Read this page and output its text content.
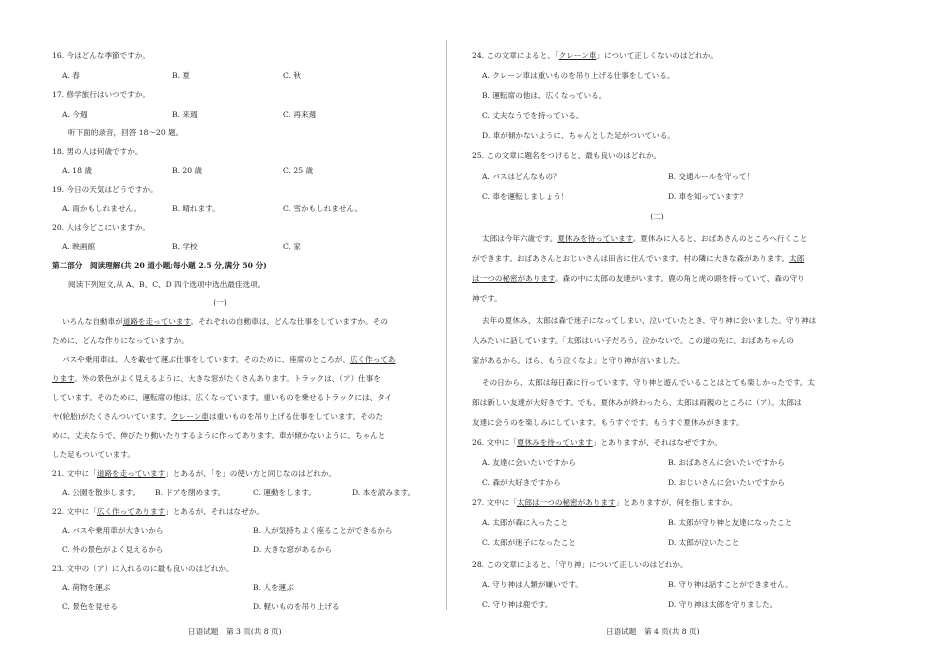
16. 今はどんな季節ですか。
A. 春	B. 夏	C. 秋
17. 修学旅行はいつですか。
A. 今週	B. 来週	C. 再来週
听下面的录音，回答 18～20 题。
18. 男の人は何歳ですか。
A. 18 歳	B. 20 歳	C. 25 歳
19. 今日の天気はどうですか。
A. 雨かもしれません。	B. 晴れます。	C. 雪かもしれません。
20. 人は今どこにいますか。
A. 映画館	B. 学校	C. 家
第二部分　阅读理解(共 20 道小题;每小题 2.5 分,满分 50 分)
阅读下列短文,从 A、B、C、D 四个选项中选出最佳选项。
(一)
いろんな自動車が道路を走っています。それぞれの自動車は、どんな仕事をしていますか。その
ために、どんな作りになっていますか。
バスや乗用車は、人を載せて運ぶ仕事をしています。そのために、座席のところが、広く作ってあ
ります。外の景色がよく見えるように、大きな窓がたくさんあります。トラックは、（ア）仕事を
しています。そのために、運転席の他は、広くなっています。重いものを乗せるトラックには、タイ
ヤ(轮胎)がたくさんついています。クレーン車は重いものを吊り上げる仕事をしています。そのた
めに、丈夫なうで、伸びたり動いたりするように作ってあります。車が傾かないように、ちゃんと
した足もついています。
21. 文中に「道路を走っています」とあるが、「を」の使い方と同じなのはどれか。
A. 公園を散歩します。 B. ドアを閉めます。	C. 運動をします。	D. 本を読みます。
22. 文中に「広く作ってあります」とあるが、それはなぜか。
A. バスや乗用車が大きいから	B. 人が気持ちよく座ることができるから
C. 外の景色がよく見えるから	D. 大きな窓があるから
23. 文中の（ア）に入れるのに最も良いのはどれか。
A. 荷物を運ぶ	B. 人を運ぶ
C. 景色を見せる	D. 軽いものを吊り上げる
日语试题　第 3 页(共 8 页)
24. この文章によると、「クレーン車」について正しくないのはどれか。
A. クレーン車は重いものを吊り上げる仕事をしている。
B. 運転席の他は、広くなっている。
C. 丈夫なうでを持っている。
D. 車が傾かないように、ちゃんとした足がついている。
25. この文章に題名をつけると、最も良いのはどれか。
A. バスはどんなもの？	B. 交通ルールを守って！
C. 車を運転しましょう！	D. 車を知っています？
(二)
太郎は今年六歳です。夏休みを待っています。夏休みに入ると、おばあさんのところへ行くこと
ができます。おばあさんとおじいさんは田舎に住んでいます。村の隣に大きな森があります。太郎
は一つの秘密があります。森の中に太郎の友達がいます。鹿の角と虎の頭を持っていて、森の守り
神です。
去年の夏休み、太郎は森で迷子になってしまい、泣いていたとき、守り神に会いました。守り神は
人みたいに話しています。「太郎はいい子だろう。泣かないで。この道の先に、おばあちゃんの
家があるから。ほら、もう泣くなよ」と守り神が言いました。
その日から、太郎は毎日森に行っています。守り神と遊んでいることはとても楽しかったです。太
郎は新しい友達が大好きです。でも、夏休みが終わったら、太郎は両親のところに（ア）。太郎は
友達に会うのを楽しみにしています。もうすぐです。もうすぐ夏休みがきます。
26. 文中に「夏休みを待っています」とありますが、それはなぜですか。
A. 友達に会いたいですから	B. おばあさんに会いたいですから
C. 森が大好きですから	D. おじいさんに会いたいですから
27. 文中に「太郎は一つの秘密があります」とありますが、何を指しますか。
A. 太郎が森に入ったこと	B. 太郎が守り神と友達になったこと
C. 太郎が迷子になったこと	D. 太郎が泣いたこと
28. この文章によると、「守り神」について正しいのはどれか。
A. 守り神は人類が嫌いです。	B. 守り神は話すことができません。
C. 守り神は鹿です。	D. 守り神は太郎を守りました。
日语试题　第 4 页(共 8 页)
